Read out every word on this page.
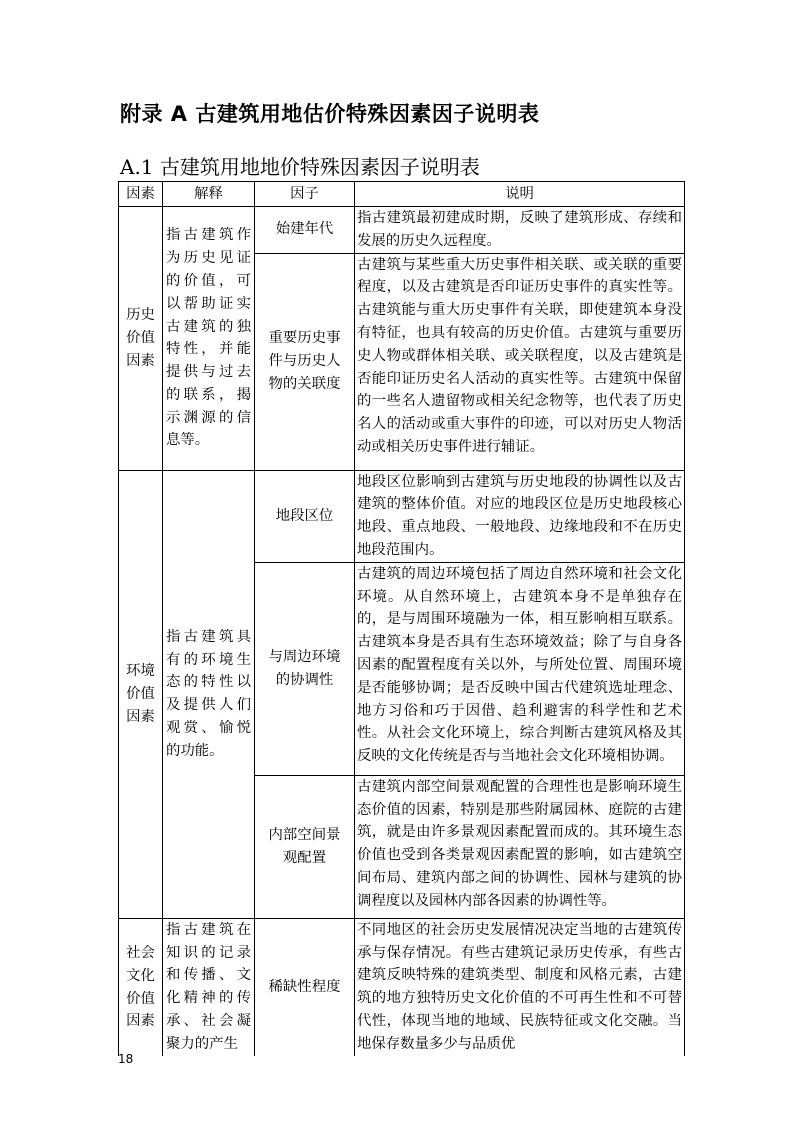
附录 A 古建筑用地估价特殊因素因子说明表
A.1 古建筑用地地价特殊因素因子说明表
因素	解释	因子	说明
历史价值因素	指古建筑作为历史见证的价值，可以帮助证实古建筑的独特性，并能提供与过去的联系，揭示渊源的信息等。	始建年代	指古建筑最初建成时期，反映了建筑形成、存续和发展的历史久远程度。
		重要历史事件与历史人物的关联度	古建筑与某些重大历史事件相关联、或关联的重要程度，以及古建筑是否印证历史事件的真实性等。古建筑能与重大历史事件有关联，即使建筑本身没有特征，也具有较高的历史价值。古建筑与重要历史人物或群体相关联、或关联程度，以及古建筑是否能印证历史名人活动的真实性等。古建筑中保留的一些名人遗留物或相关纪念物等，也代表了历史名人的活动或重大事件的印迹，可以对历史人物活动或相关历史事件进行辅证。
环境价值因素	指古建筑具有的环境生态的特性以及提供人们观赏、愉悦的功能。	地段区位	地段区位影响到古建筑与历史地段的协调性以及古建筑的整体价值。对应的地段区位是历史地段核心地段、重点地段、一般地段、边缘地段和不在历史地段范围内。
		与周边环境的协调性	古建筑的周边环境包括了周边自然环境和社会文化环境。从自然环境上，古建筑本身不是单独存在的，是与周围环境融为一体，相互影响相互联系。古建筑本身是否具有生态环境效益；除了与自身各因素的配置程度有关以外，与所处位置、周围环境是否能够协调；是否反映中国古代建筑选址理念、地方习俗和巧于因借、趋利避害的科学性和艺术性。从社会文化环境上，综合判断古建筑风格及其反映的文化传统是否与当地社会文化环境相协调。
		内部空间景观配置	古建筑内部空间景观配置的合理性也是影响环境生态价值的因素，特别是那些附属园林、庭院的古建筑，就是由许多景观因素配置而成的。其环境生态价值也受到各类景观因素配置的影响，如古建筑空间布局、建筑内部之间的协调性、园林与建筑的协调程度以及园林内部各因素的协调性等。
社会文化价值因素	指古建筑在知识的记录和传播、文化精神的传承、社会凝聚力的产生	稀缺性程度	不同地区的社会历史发展情况决定当地的古建筑传承与保存情况。有些古建筑记录历史传承，有些古建筑反映特殊的建筑类型、制度和风格元素，古建筑的地方独特历史文化价值的不可再生性和不可替代性，体现当地的地域、民族特征或文化交融。当地保存数量多少与品质优
18
